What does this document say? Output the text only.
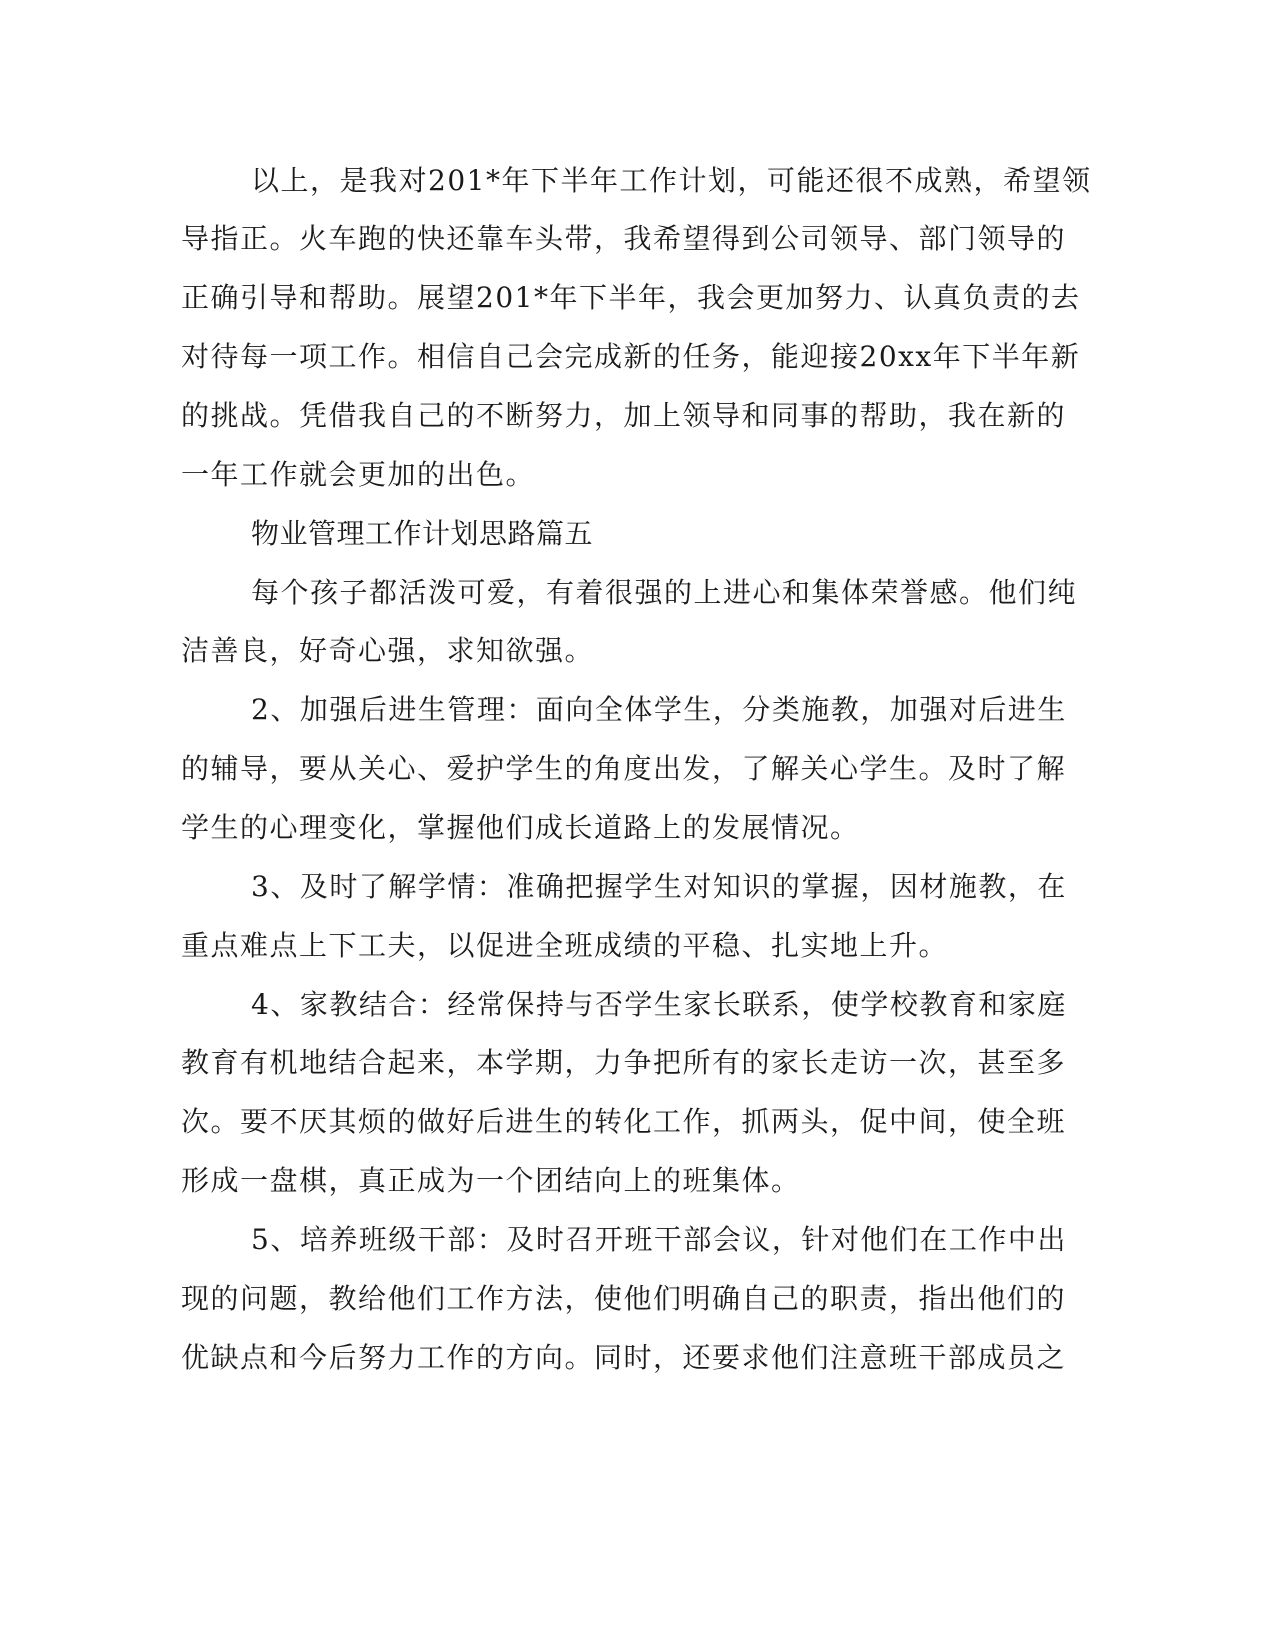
以上，是我对201*年下半年工作计划，可能还很不成熟，希望领

导指正。火车跑的快还靠车头带，我希望得到公司领导、部门领导的

正确引导和帮助。展望201*年下半年，我会更加努力、认真负责的去

对待每一项工作。相信自己会完成新的任务，能迎接20xx年下半年新

的挑战。凭借我自己的不断努力，加上领导和同事的帮助，我在新的

一年工作就会更加的出色。

物业管理工作计划思路篇五

每个孩子都活泼可爱，有着很强的上进心和集体荣誉感。他们纯

洁善良，好奇心强，求知欲强。

2、加强后进生管理：面向全体学生，分类施教，加强对后进生

的辅导，要从关心、爱护学生的角度出发，了解关心学生。及时了解

学生的心理变化，掌握他们成长道路上的发展情况。

3、及时了解学情：准确把握学生对知识的掌握，因材施教，在

重点难点上下工夫，以促进全班成绩的平稳、扎实地上升。

4、家教结合：经常保持与否学生家长联系，使学校教育和家庭

教育有机地结合起来，本学期，力争把所有的家长走访一次，甚至多

次。要不厌其烦的做好后进生的转化工作，抓两头，促中间，使全班

形成一盘棋，真正成为一个团结向上的班集体。

5、培养班级干部：及时召开班干部会议，针对他们在工作中出

现的问题，教给他们工作方法，使他们明确自己的职责，指出他们的

优缺点和今后努力工作的方向。同时，还要求他们注意班干部成员之
